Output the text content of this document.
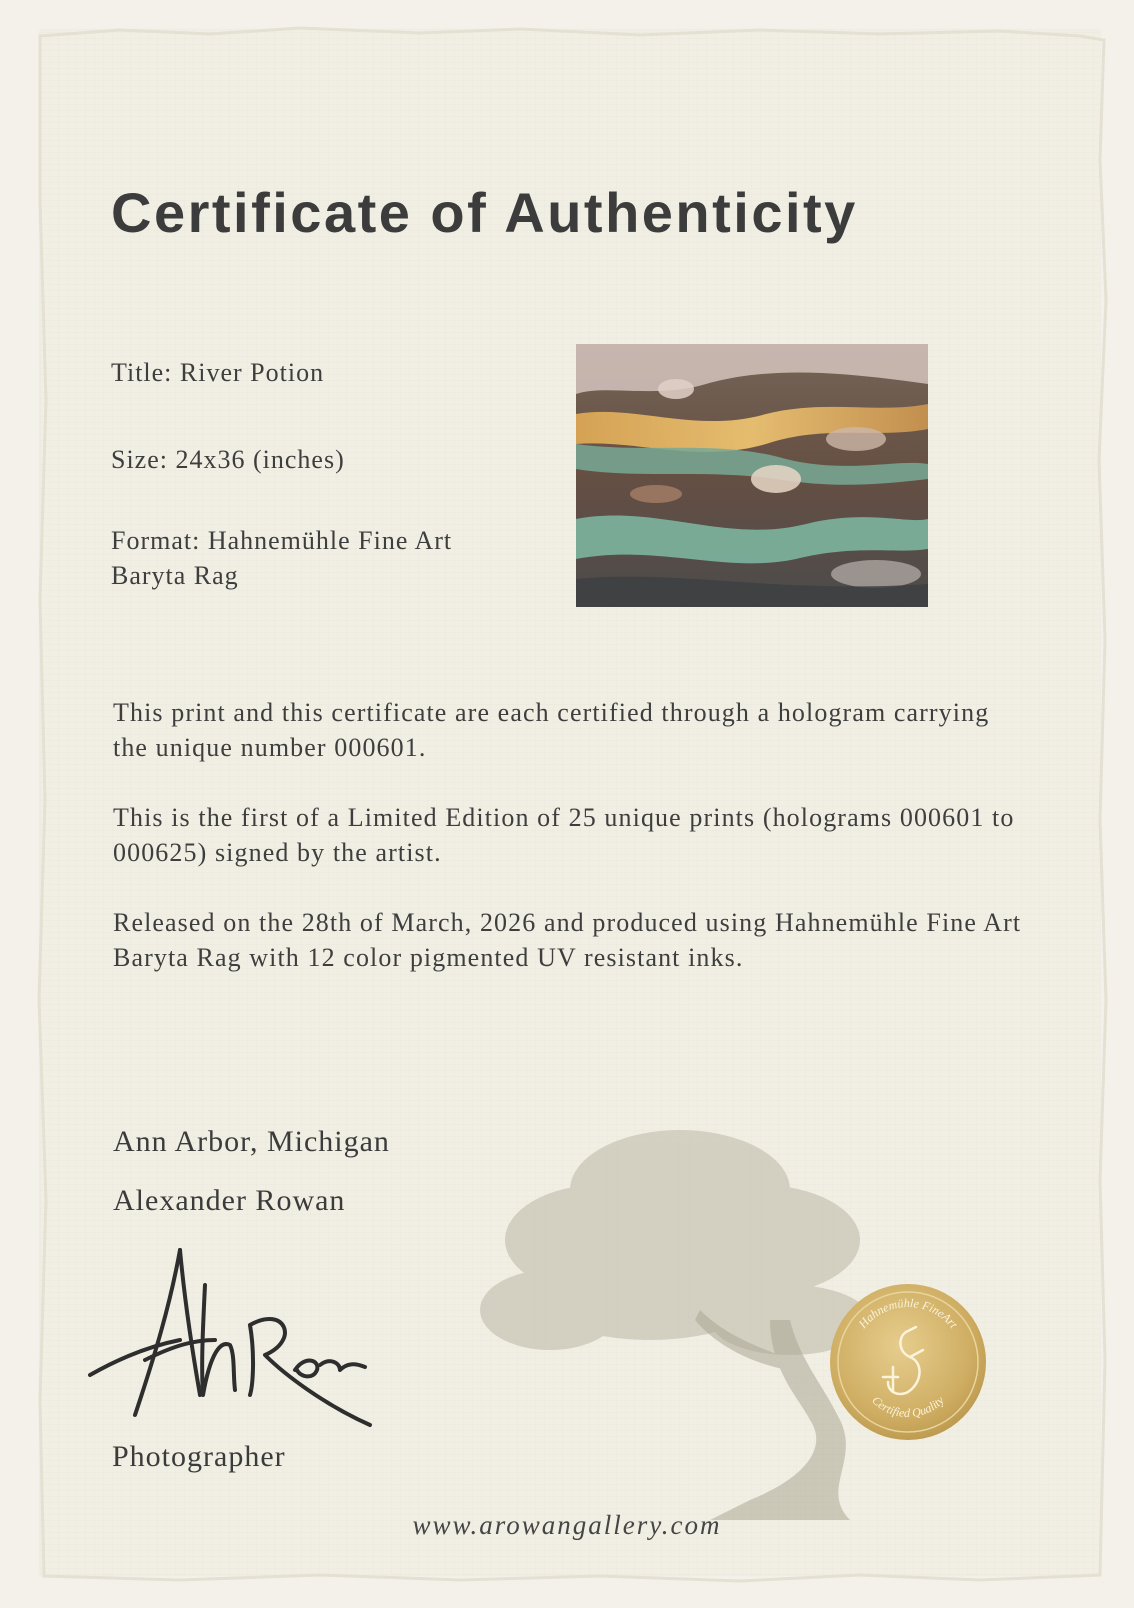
Certificate of Authenticity
Title: River Potion
Size: 24x36 (inches)
Format: Hahnemühle Fine Art Baryta Rag

This print and this certificate are each certified through a hologram carrying the unique number 000601.

This is the first of a Limited Edition of 25 unique prints (holograms 000601 to 000625) signed by the artist.

Released on the 28th of March, 2026 and produced using Hahnemühle Fine Art Baryta Rag with 12 color pigmented UV resistant inks.

Ann Arbor, Michigan
Alexander Rowan
Photographer
Hahnemühle FineArt
Certified Quality
www.arowangallery.com
